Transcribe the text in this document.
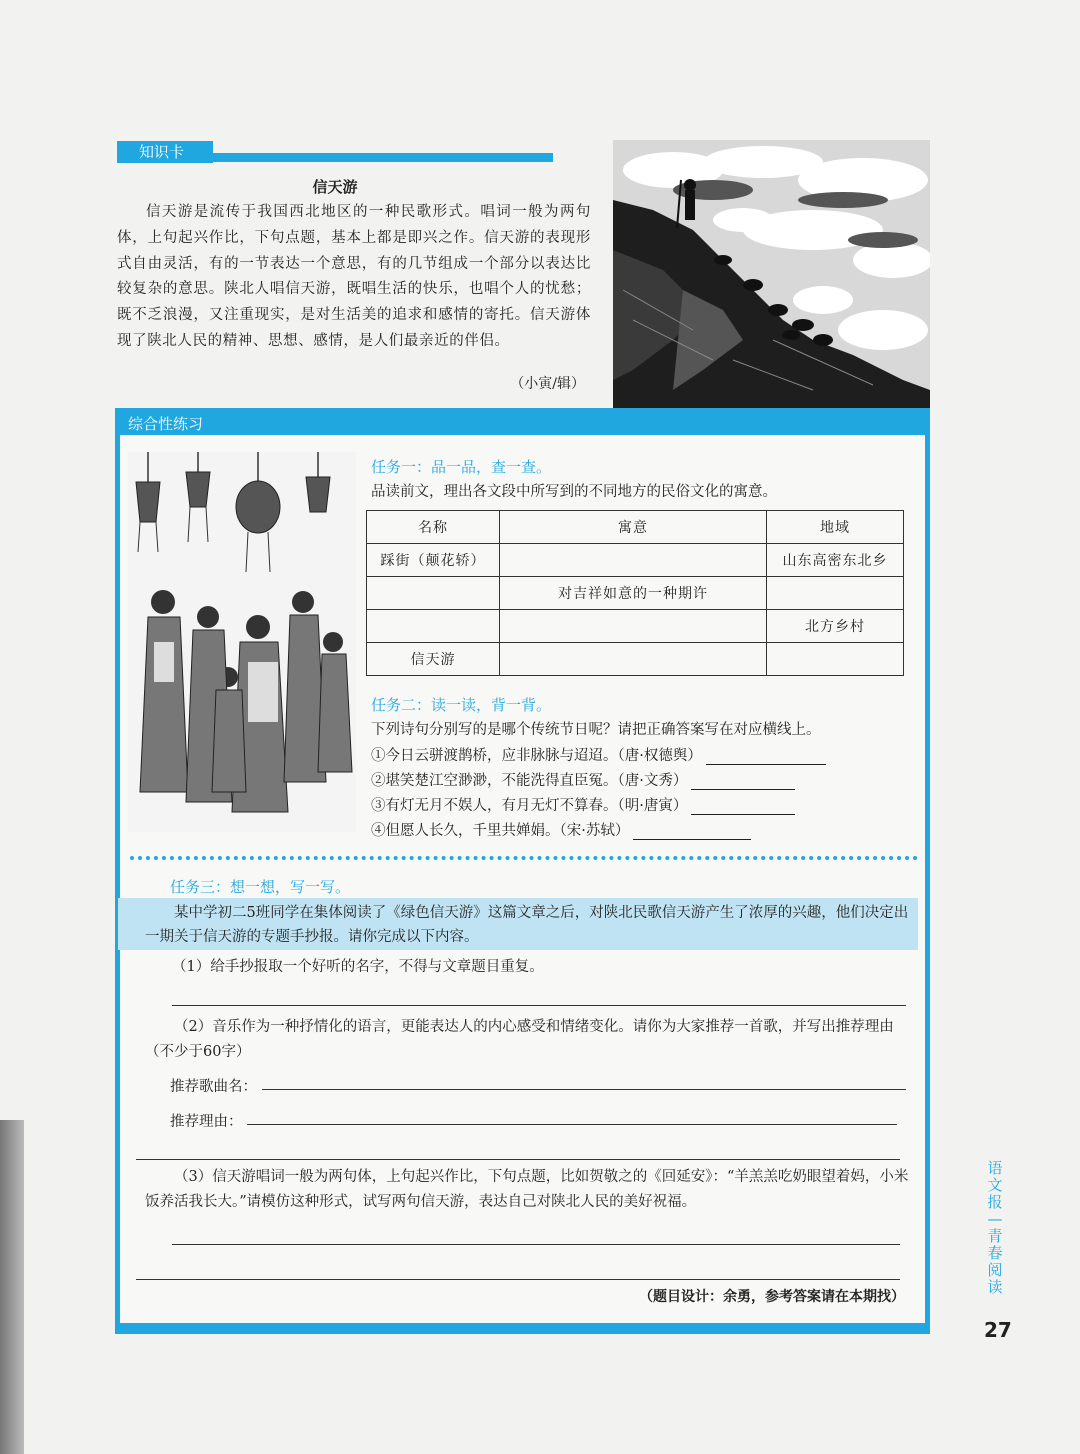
知识卡
信天游
信天游是流传于我国西北地区的一种民歌形式。唱词一般为两句体，上句起兴作比，下句点题，基本上都是即兴之作。信天游的表现形式自由灵活，有的一节表达一个意思，有的几节组成一个部分以表达比较复杂的意思。陕北人唱信天游，既唱生活的快乐，也唱个人的忧愁；既不乏浪漫，又注重现实，是对生活美的追求和感情的寄托。信天游体现了陕北人民的精神、思想、感情，是人们最亲近的伴侣。
（小寅/辑）
综合性练习
任务一：品一品，查一查。
品读前文，理出各文段中所写到的不同地方的民俗文化的寓意。
名称	寓意	地域
踩街（颠花轿）		山东高密东北乡
	对吉祥如意的一种期许	
		北方乡村
信天游		
任务二：读一读，背一背。
下列诗句分别写的是哪个传统节日呢？请把正确答案写在对应横线上。
①今日云骈渡鹊桥，应非脉脉与迢迢。（唐·权德舆）
②堪笑楚江空渺渺，不能洗得直臣冤。（唐·文秀）
③有灯无月不娱人，有月无灯不算春。（明·唐寅）
④但愿人长久，千里共婵娟。（宋·苏轼）
任务三：想一想，写一写。
某中学初二5班同学在集体阅读了《绿色信天游》这篇文章之后，对陕北民歌信天游产生了浓厚的兴趣，他们决定出一期关于信天游的专题手抄报。请你完成以下内容。
（1）给手抄报取一个好听的名字，不得与文章题目重复。
（2）音乐作为一种抒情化的语言，更能表达人的内心感受和情绪变化。请你为大家推荐一首歌，并写出推荐理由（不少于60字）
推荐歌曲名：
推荐理由：
（3）信天游唱词一般为两句体，上句起兴作比，下句点题，比如贺敬之的《回延安》：“羊羔羔吃奶眼望着妈，小米饭养活我长大。”请模仿这种形式，试写两句信天游，表达自己对陕北人民的美好祝福。
（题目设计：余勇，参考答案请在本期找）
语文报—青春阅读
27
